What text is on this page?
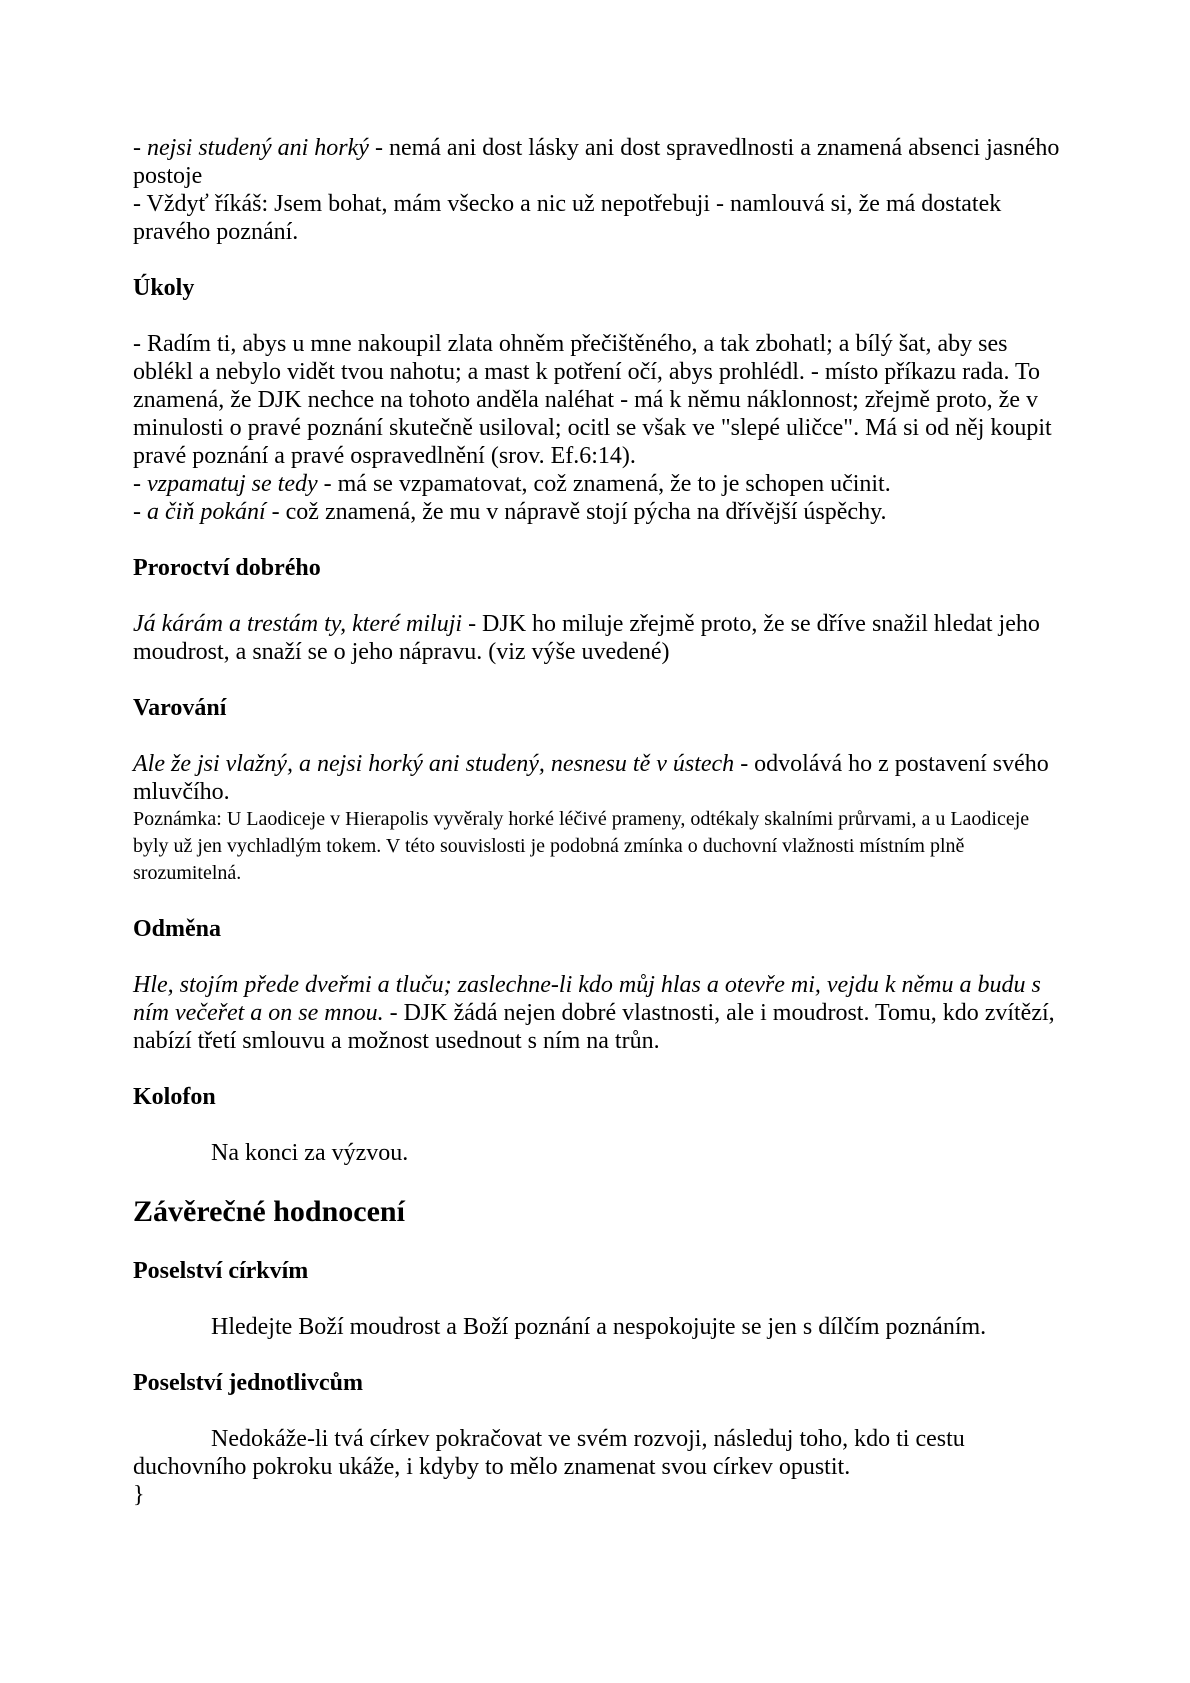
- nejsi studený ani horký - nemá ani dost lásky ani dost spravedlnosti a znamená absenci jasného postoje
- Vždyť říkáš: Jsem bohat, mám všecko a nic už nepotřebuji - namlouvá si, že má dostatek pravého poznání.

Úkoly

- Radím ti, abys u mne nakoupil zlata ohněm přečištěného, a tak zbohatl; a bílý šat, aby ses oblékl a nebylo vidět tvou nahotu; a mast k potření očí, abys prohlédl. - místo příkazu rada. To znamená, že DJK nechce na tohoto anděla naléhat - má k němu náklonnost; zřejmě proto, že v minulosti o pravé poznání skutečně usiloval; ocitl se však ve "slepé uličce". Má si od něj koupit pravé poznání a pravé ospravedlnění (srov. Ef.6:14).
- vzpamatuj se tedy - má se vzpamatovat, což znamená, že to je schopen učinit.
- a čiň pokání - což znamená, že mu v nápravě stojí pýcha na dřívější úspěchy.

Proroctví dobrého

Já kárám a trestám ty, které miluji - DJK ho miluje zřejmě proto, že se dříve snažil hledat jeho moudrost, a snaží se o jeho nápravu. (viz výše uvedené)

Varování

Ale že jsi vlažný, a nejsi horký ani studený, nesnesu tě v ústech - odvolává ho z postavení svého mluvčího.

Poznámka: U Laodiceje v Hierapolis vyvěraly horké léčivé prameny, odtékaly skalními průrvami, a u Laodiceje byly už jen vychladlým tokem. V této souvislosti je podobná zmínka o duchovní vlažnosti místním plně srozumitelná.

Odměna

Hle, stojím přede dveřmi a tluču; zaslechne-li kdo můj hlas a otevře mi, vejdu k němu a budu s ním večeřet a on se mnou. - DJK žádá nejen dobré vlastnosti, ale i moudrost. Tomu, kdo zvítězí, nabízí třetí smlouvu a možnost usednout s ním na trůn.

Kolofon

Na konci za výzvou.

Závěrečné hodnocení
Poselství církvím

Hledejte Boží moudrost a Boží poznání a nespokojujte se jen s dílčím poznáním.

Poselství jednotlivcům

Nedokáže-li tvá církev pokračovat ve svém rozvoji, následuj toho, kdo ti cestu duchovního pokroku ukáže, i kdyby to mělo znamenat svou církev opustit.

}
